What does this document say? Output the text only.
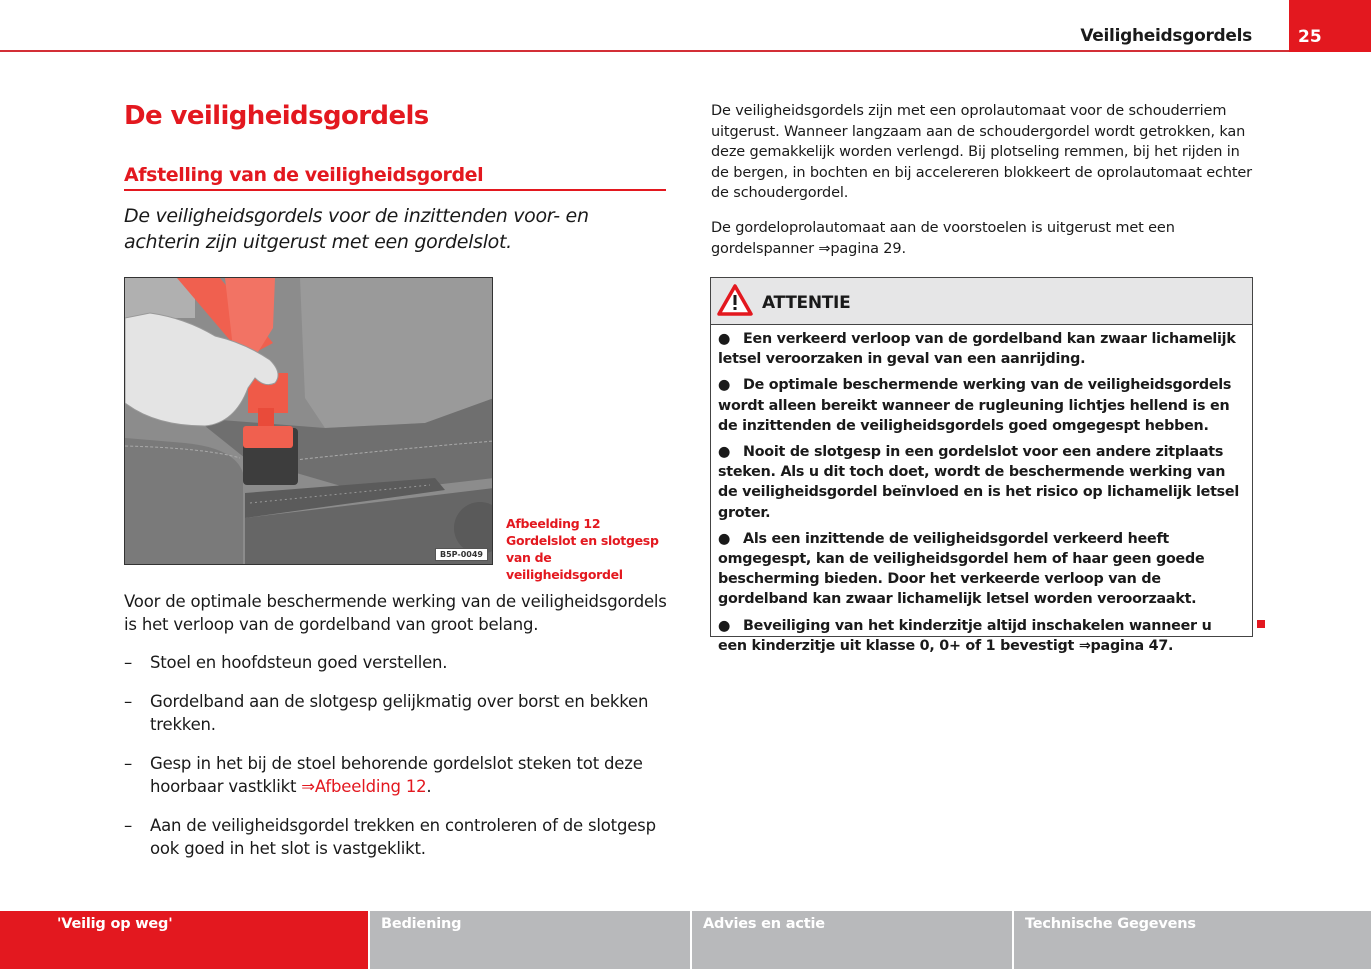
Veiligheidsgordels	25
De veiligheidsgordels
Afstelling van de veiligheidsgordel

De veiligheidsgordels voor de inzittenden voor- en achterin zijn uitgerust met een gordelslot.

B5P-0049
Afbeelding 12 Gordelslot en slotgesp van de veiligheidsgordel

Voor de optimale beschermende werking van de veiligheidsgordels is het verloop van de gordelband van groot belang.

– Stoel en hoofdsteun goed verstellen.
– Gordelband aan de slotgesp gelijkmatig over borst en bekken trekken.
– Gesp in het bij de stoel behorende gordelslot steken tot deze hoorbaar vastklikt ⇒Afbeelding 12.
– Aan de veiligheidsgordel trekken en controleren of de slotgesp ook goed in het slot is vastgeklikt.

De veiligheidsgordels zijn met een oprolautomaat voor de schouderriem uitgerust. Wanneer langzaam aan de schoudergordel wordt getrokken, kan deze gemakkelijk worden verlengd. Bij plotseling remmen, bij het rijden in de bergen, in bochten en bij accelereren blokkeert de oprolautomaat echter de schoudergordel.

De gordeloprolautomaat aan de voorstoelen is uitgerust met een gordelspanner ⇒pagina 29.

ATTENTIE
● Een verkeerd verloop van de gordelband kan zwaar lichamelijk letsel veroorzaken in geval van een aanrijding.
● De optimale beschermende werking van de veiligheidsgordels wordt alleen bereikt wanneer de rugleuning lichtjes hellend is en de inzittenden de veiligheidsgordels goed omgegespt hebben.
● Nooit de slotgesp in een gordelslot voor een andere zitplaats steken. Als u dit toch doet, wordt de beschermende werking van de veiligheidsgordel beïnvloed en is het risico op lichamelijk letsel groter.
● Als een inzittende de veiligheidsgordel verkeerd heeft omgegespt, kan de veiligheidsgordel hem of haar geen goede bescherming bieden. Door het verkeerde verloop van de gordelband kan zwaar lichamelijk letsel worden veroorzaakt.
● Beveiliging van het kinderzitje altijd inschakelen wanneer u een kinderzitje uit klasse 0, 0+ of 1 bevestigt ⇒pagina 47.
'Veilig op weg'	Bediening	Advies en actie	Technische Gegevens
